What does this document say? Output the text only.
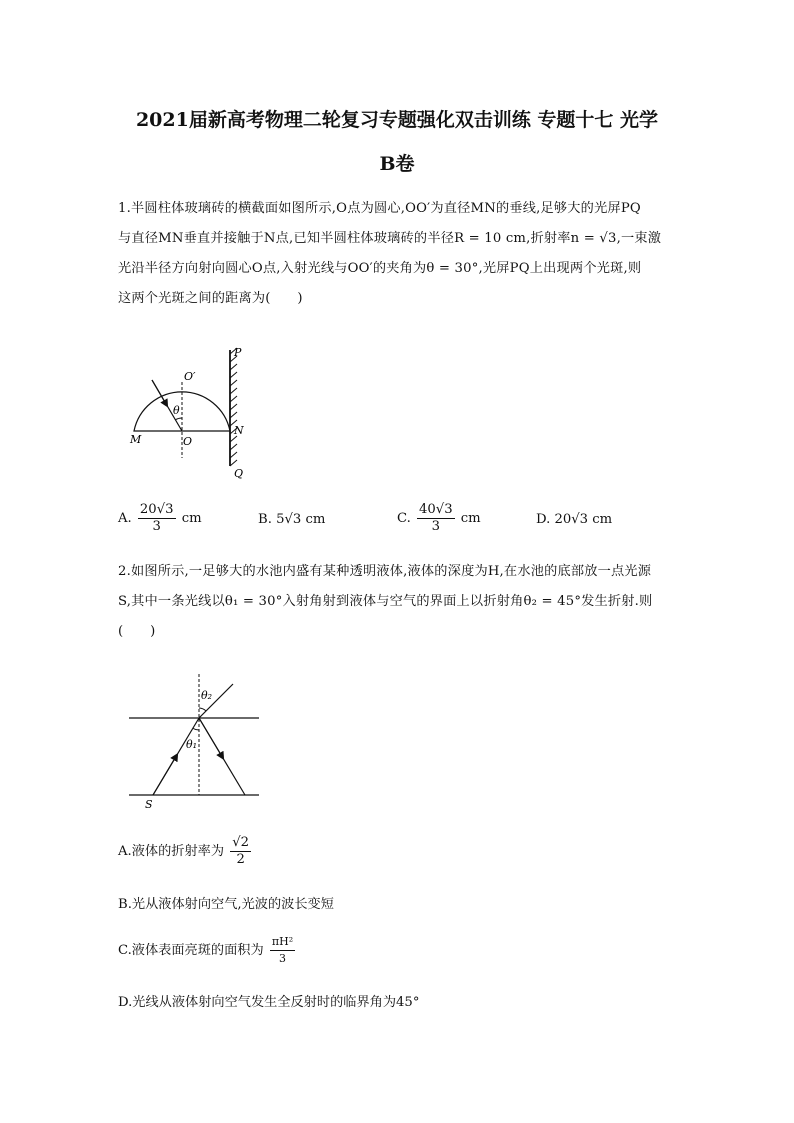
2021届新高考物理二轮复习专题强化双击训练 专题十七 光学
B卷
1.半圆柱体玻璃砖的横截面如图所示,O点为圆心,OO′为直径MN的垂线,足够大的光屏PQ
与直径MN垂直并接触于N点,已知半圆柱体玻璃砖的半径R = 10 cm,折射率n = √3,一束激
光沿半径方向射向圆心O点,入射光线与OO′的夹角为θ = 30°,光屏PQ上出现两个光斑,则
这两个光斑之间的距离为(　　)
P
O′
θ
M	O
N
Q
A. $\frac{20√3}{3}$ cm	B. 5√3 cm	C. $\frac{40√3}{3}$ cm	D. 20√3 cm
2.如图所示,一足够大的水池内盛有某种透明液体,液体的深度为H,在水池的底部放一点光源
S,其中一条光线以θ₁ = 30°入射角射到液体与空气的界面上以折射角θ₂ = 45°发生折射.则
(　　)
θ₂
θ₁
S
A.液体的折射率为 $\frac{√2}{2}$
B.光从液体射向空气,光波的波长变短
C.液体表面亮斑的面积为 $\frac{\text{πH²}}{3}$
D.光线从液体射向空气发生全反射时的临界角为45°
